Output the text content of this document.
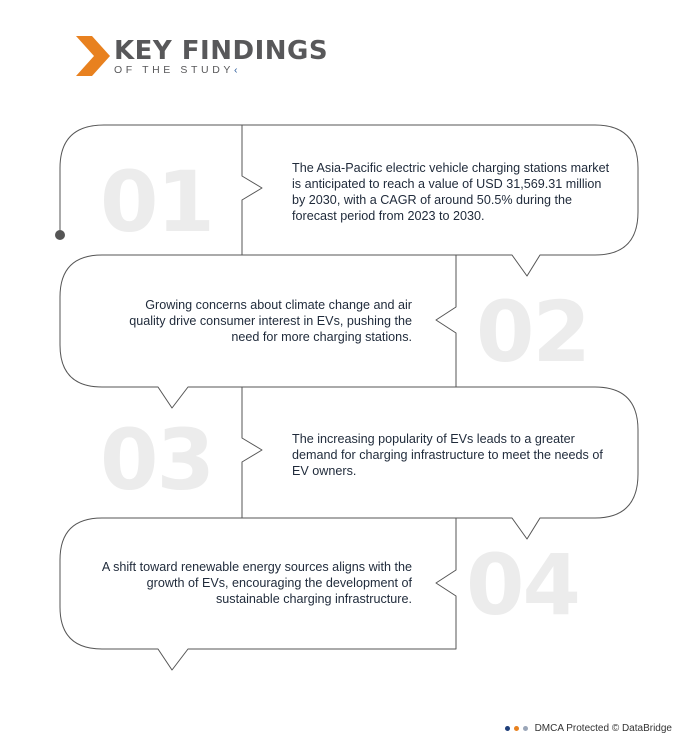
KEY FINDINGS
OF THE STUDY‹
01
02
03
04
The Asia-Pacific electric vehicle charging stations market is anticipated to reach a value of USD 31,569.31 million by 2030, with a CAGR of around 50.5% during the forecast period from 2023 to 2030.
Growing concerns about climate change and air quality drive consumer interest in EVs, pushing the need for more charging stations.
The increasing popularity of EVs leads to a greater demand for charging infrastructure to meet the needs of EV owners.
A shift toward renewable energy sources aligns with the growth of EVs, encouraging the development of sustainable charging infrastructure.
DMCA Protected © DataBridge
